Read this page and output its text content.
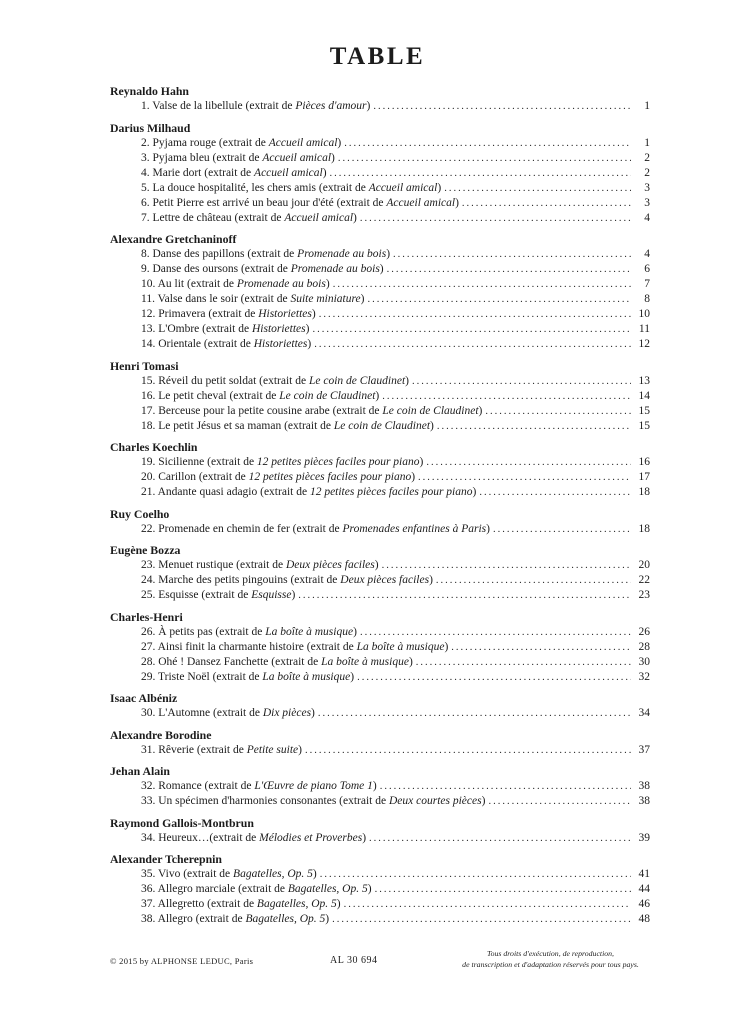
TABLE
Reynaldo Hahn
1. Valse de la libellule (extrait de Pièces d'amour) .....	1
Darius Milhaud
2. Pyjama rouge (extrait de Accueil amical) .....	1
3. Pyjama bleu (extrait de Accueil amical) .....	2
4. Marie dort (extrait de Accueil amical) .....	2
5. La douce hospitalité, les chers amis (extrait de Accueil amical) .....	3
6. Petit Pierre est arrivé un beau jour d'été (extrait de Accueil amical) .....	3
7. Lettre de château (extrait de Accueil amical) .....	4
Alexandre Gretchaninoff
8. Danse des papillons (extrait de Promenade au bois) .....	4
9. Danse des oursons (extrait de Promenade au bois) .....	6
10. Au lit (extrait de Promenade au bois) .....	7
11. Valse dans le soir (extrait de Suite miniature) .....	8
12. Primavera (extrait de Historiettes) .....	10
13. L'Ombre (extrait de Historiettes) .....	11
14. Orientale (extrait de Historiettes) .....	12
Henri Tomasi
15. Réveil du petit soldat (extrait de Le coin de Claudinet) .....	13
16. Le petit cheval (extrait de Le coin de Claudinet) .....	14
17. Berceuse pour la petite cousine arabe (extrait de Le coin de Claudinet) .....	15
18. Le petit Jésus et sa maman (extrait de Le coin de Claudinet) .....	15
Charles Koechlin
19. Sicilienne (extrait de 12 petites pièces faciles pour piano) .....	16
20. Carillon (extrait de 12 petites pièces faciles pour piano) .....	17
21. Andante quasi adagio (extrait de 12 petites pièces faciles pour piano) .....	18
Ruy Coelho
22. Promenade en chemin de fer (extrait de Promenades enfantines à Paris) .....	18
Eugène Bozza
23. Menuet rustique (extrait de Deux pièces faciles) .....	20
24. Marche des petits pingouins (extrait de Deux pièces faciles) .....	22
25. Esquisse (extrait de Esquisse) .....	23
Charles-Henri
26. À petits pas (extrait de La boîte à musique) .....	26
27. Ainsi finit la charmante histoire (extrait de La boîte à musique) .....	28
28. Ohé ! Dansez Fanchette (extrait de La boîte à musique) .....	30
29. Triste Noël (extrait de La boîte à musique) .....	32
Isaac Albéniz
30. L'Automne (extrait de Dix pièces) .....	34
Alexandre Borodine
31. Rêverie (extrait de Petite suite) .....	37
Jehan Alain
32. Romance (extrait de L'Œuvre de piano Tome 1) .....	38
33. Un spécimen d'harmonies consonantes (extrait de Deux courtes pièces) .....	38
Raymond Gallois-Montbrun
34. Heureux…(extrait de Mélodies et Proverbes) .....	39
Alexander Tcherepnin
35. Vivo (extrait de Bagatelles, Op. 5) .....	41
36. Allegro marciale (extrait de Bagatelles, Op. 5) .....	44
37. Allegretto (extrait de Bagatelles, Op. 5) .....	46
38. Allegro (extrait de Bagatelles, Op. 5) .....	48
© 2015 by ALPHONSE LEDUC, Paris	AL 30 694
Tous droits d'exécution, de reproduction,
de transcription et d'adaptation réservés pour tous pays.
